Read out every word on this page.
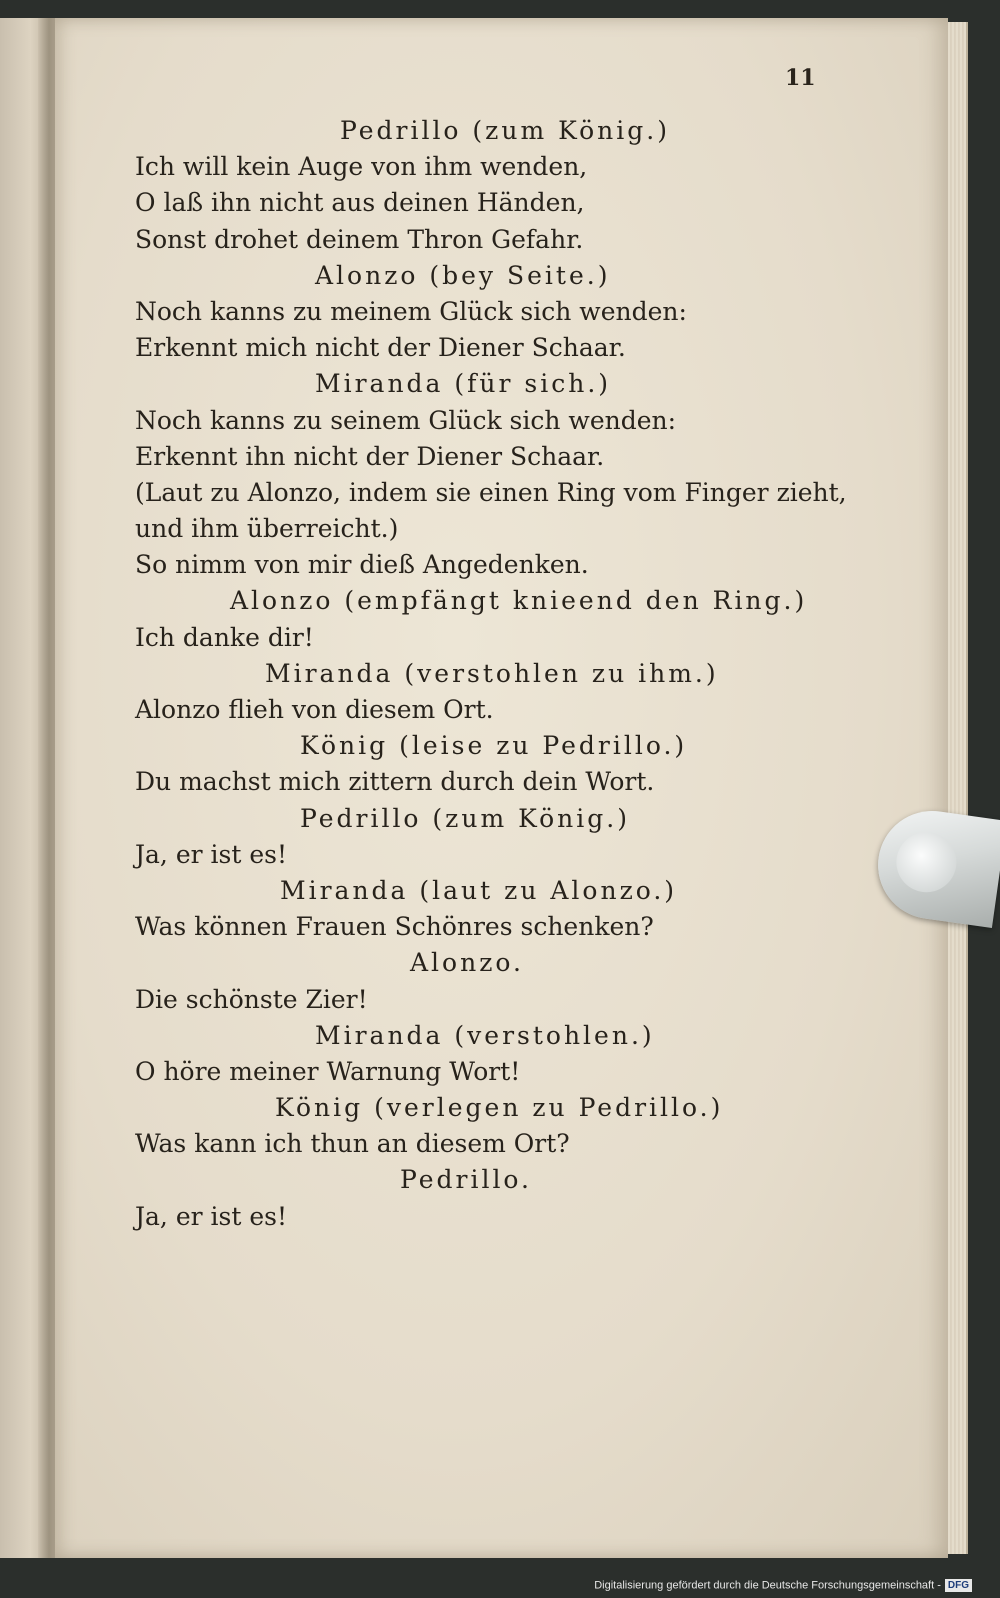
11
Pedrillo (zum König.)
Ich will kein Auge von ihm wenden,
O laß ihn nicht aus deinen Händen,
Sonst drohet deinem Thron Gefahr.
Alonzo (bey Seite.)
Noch kanns zu meinem Glück sich wenden:
Erkennt mich nicht der Diener Schaar.
Miranda (für sich.)
Noch kanns zu seinem Glück sich wenden:
Erkennt ihn nicht der Diener Schaar.
(Laut zu Alonzo, indem sie einen Ring vom Finger zieht,
und ihm überreicht.)
So nimm von mir dieß Angedenken.
Alonzo (empfängt knieend den Ring.)
Ich danke dir!
Miranda (verstohlen zu ihm.)
Alonzo flieh von diesem Ort.
König (leise zu Pedrillo.)
Du machst mich zittern durch dein Wort.
Pedrillo (zum König.)
Ja, er ist es!
Miranda (laut zu Alonzo.)
Was können Frauen Schönres schenken?
Alonzo.
Die schönste Zier!
Miranda (verstohlen.)
O höre meiner Warnung Wort!
König (verlegen zu Pedrillo.)
Was kann ich thun an diesem Ort?
Pedrillo.
Ja, er ist es!
Digitalisierung gefördert durch die Deutsche Forschungsgemeinschaft - DFG
